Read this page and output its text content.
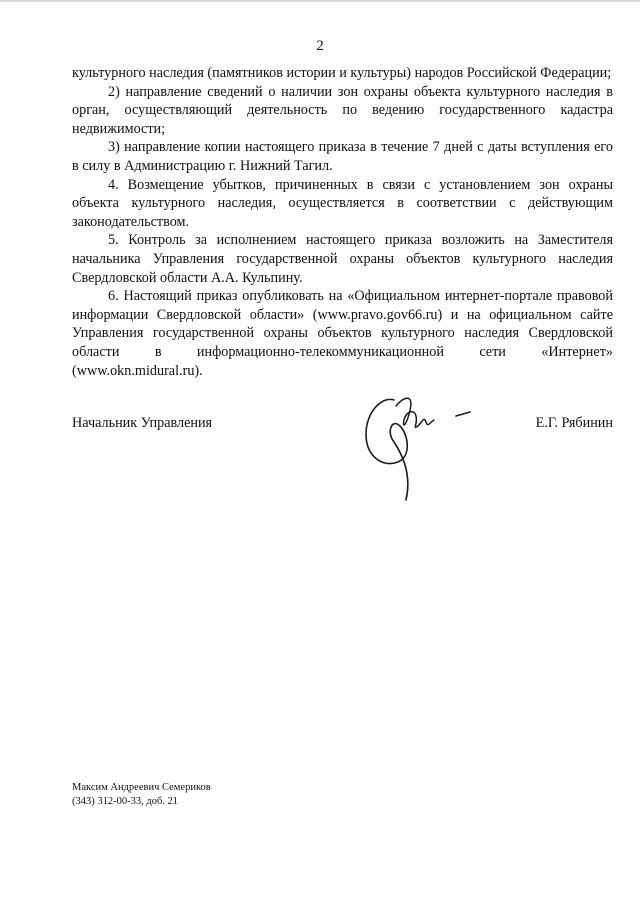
2

культурного наследия (памятников истории и культуры) народов Российской Федерации;

2) направление сведений о наличии зон охраны объекта культурного наследия в орган, осуществляющий деятельность по ведению государственного кадастра недвижимости;

3) направление копии настоящего приказа в течение 7 дней с даты вступления его в силу в Администрацию г. Нижний Тагил.

4. Возмещение убытков, причиненных в связи с установлением зон охраны объекта культурного наследия, осуществляется в соответствии с действующим законодательством.

5. Контроль за исполнением настоящего приказа возложить на Заместителя начальника Управления государственной охраны объектов культурного наследия Свердловской области А.А. Кульпину.

6. Настоящий приказ опубликовать на «Официальном интернет-портале правовой информации Свердловской области» (www.pravo.gov66.ru) и на официальном сайте Управления государственной охраны объектов культурного наследия Свердловской области в информационно-телекоммуникационной сети «Интернет» (www.okn.midural.ru).

Начальник Управления	Е.Г. Рябинин
Максим Андреевич Семериков
(343) 312-00-33, доб. 21
